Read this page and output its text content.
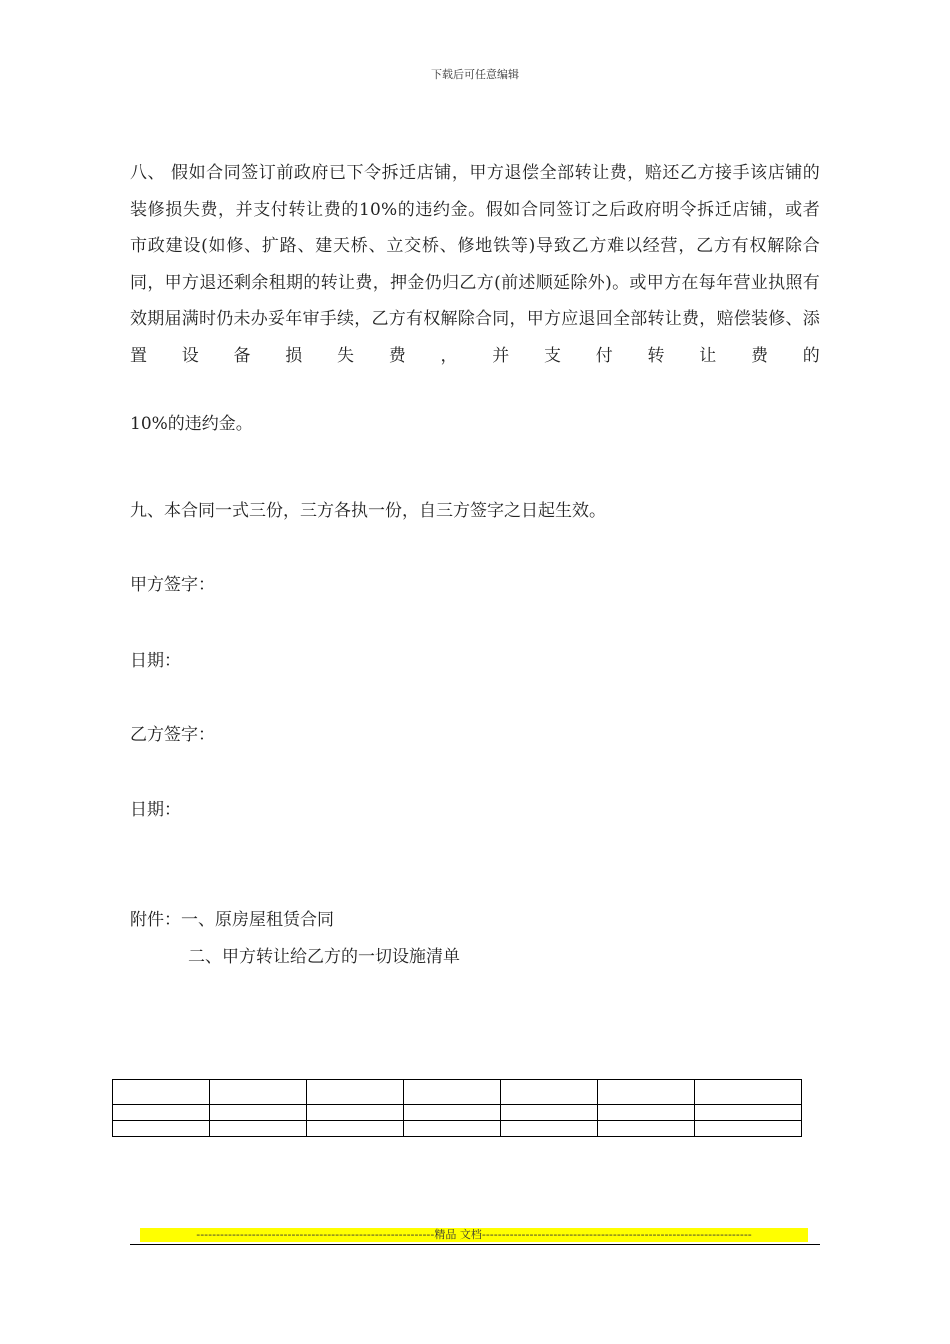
下载后可任意编辑
八、 假如合同签订前政府已下令拆迁店铺，甲方退偿全部转让费，赔还乙方接手该店铺的装修损失费，并支付转让费的10%的违约金。假如合同签订之后政府明令拆迁店铺，或者市政建设(如修、扩路、建天桥、立交桥、修地铁等)导致乙方难以经营，乙方有权解除合同，甲方退还剩余租期的转让费，押金仍归乙方(前述顺延除外)。或甲方在每年营业执照有效期届满时仍未办妥年审手续，乙方有权解除合同，甲方应退回全部转让费，赔偿装修、添置设备损失费，并支付转让费的
10%的违约金。
九、本合同一式三份，三方各执一份，自三方签字之日起生效。
甲方签字：
日期：
乙方签字：
日期：
附件：一、原房屋租赁合同
二、甲方转让给乙方的一切设施清单

------------------------------------------------------------精品 文档--------------------------------------------------------------------
